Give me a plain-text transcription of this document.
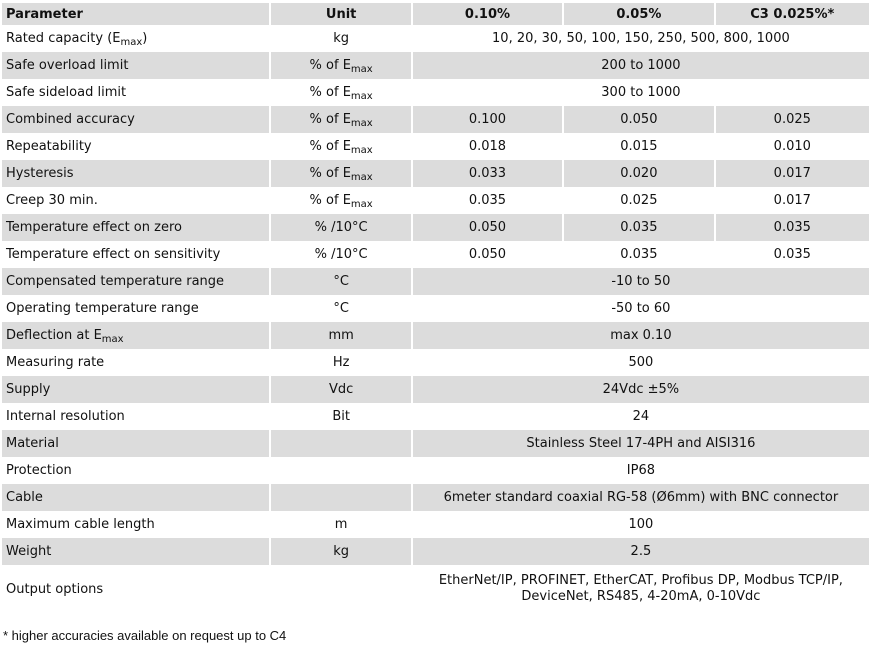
Parameter	Unit	0.10%	0.05%	C3 0.025%*
Rated capacity $(E_{max})$	kg	10, 20, 30, 50, 100, 150, 250, 500, 800, 1000		
Safe overload limit	% of $E_{max}$	200 to 1000		
Safe sideload limit	% of $E_{max}$	300 to 1000		
Combined accuracy	% of $E_{max}$	0.100	0.050	0.025
Repeatability	% of $E_{max}$	0.018	0.015	0.010
Hysteresis	% of $E_{max}$	0.033	0.020	0.017
Creep 30 min.	% of $E_{max}$	0.035	0.025	0.017
Temperature effect on zero	% /10°C	0.050	0.035	0.035
Temperature effect on sensitivity	% /10°C	0.050	0.035	0.035
Compensated temperature range	°C	-10 to 50		
Operating temperature range	°C	-50 to 60		
Deflection at $E_{max}$	mm	max 0.10		
Measuring rate	Hz	500		
Supply	Vdc	24Vdc ±5%		
Internal resolution	Bit	24		
Material		Stainless Steel 17-4PH and AISI316		
Protection		IP68		
Cable		6meter standard coaxial RG-58 (Ø6mm) with BNC connector		
Maximum cable length	m	100		
Weight	kg	2.5		
Output options		EtherNet/IP, PROFINET, EtherCAT, Profibus DP, Modbus TCP/IP, DeviceNet, RS485, 4-20mA, 0-10Vdc		
* higher accuracies available on request up to C4
